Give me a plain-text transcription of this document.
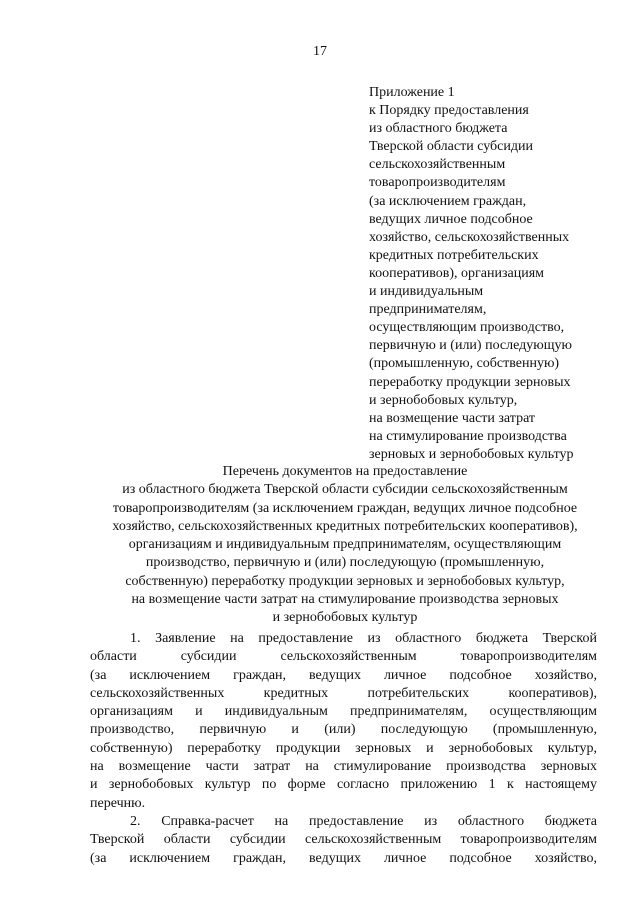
17
Приложение 1
к Порядку предоставления
из областного бюджета
Тверской области субсидии
сельскохозяйственным
товаропроизводителям
(за исключением граждан,
ведущих личное подсобное
хозяйство, сельскохозяйственных
кредитных потребительских
кооперативов), организациям
и индивидуальным
предпринимателям,
осуществляющим производство,
первичную и (или) последующую
(промышленную, собственную)
переработку продукции зерновых
и зернобобовых культур,
на возмещение части затрат
на стимулирование производства
зерновых и зернобобовых культур
Перечень документов на предоставление
из областного бюджета Тверской области субсидии сельскохозяйственным
товаропроизводителям (за исключением граждан, ведущих личное подсобное
хозяйство, сельскохозяйственных кредитных потребительских кооперативов),
организациям и индивидуальным предпринимателям, осуществляющим
производство, первичную и (или) последующую (промышленную,
собственную) переработку продукции зерновых и зернобобовых культур,
на возмещение части затрат на стимулирование производства зерновых
и зернобобовых культур
1. Заявление на предоставление из областного бюджета Тверской
области субсидии сельскохозяйственным товаропроизводителям
(за исключением граждан, ведущих личное подсобное хозяйство,
сельскохозяйственных кредитных потребительских кооперативов),
организациям и индивидуальным предпринимателям, осуществляющим
производство, первичную и (или) последующую (промышленную,
собственную) переработку продукции зерновых и зернобобовых культур,
на возмещение части затрат на стимулирование производства зерновых
и зернобобовых культур по форме согласно приложению 1 к настоящему
перечню.
2. Справка-расчет на предоставление из областного бюджета
Тверской области субсидии сельскохозяйственным товаропроизводителям
(за исключением граждан, ведущих личное подсобное хозяйство,
